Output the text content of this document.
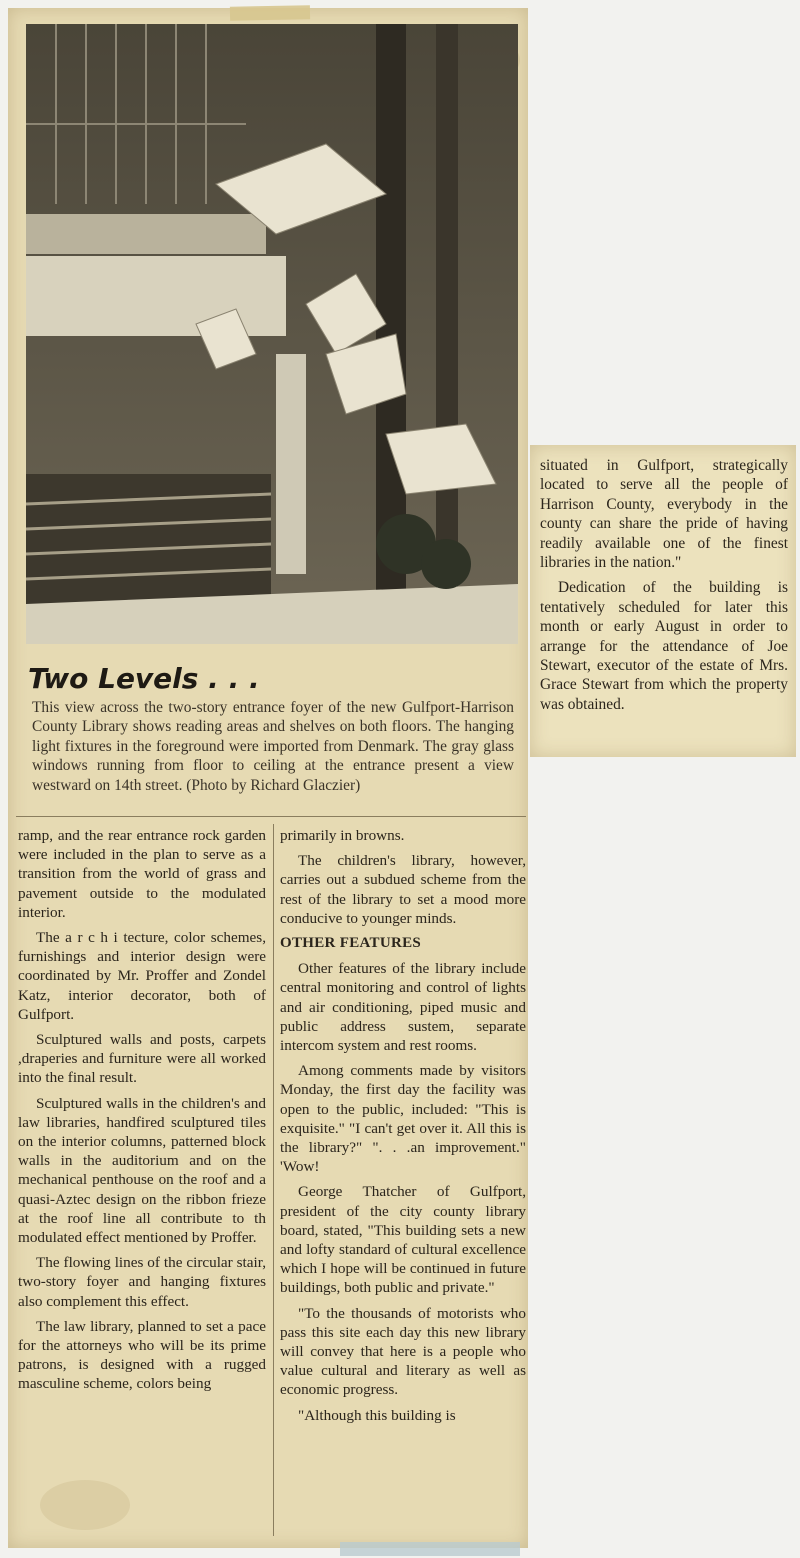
Two Levels . . .
This view across the two-story entrance foyer of the new Gulfport-Harrison County Library shows reading areas and shelves on both floors. The hanging light fixtures in the foreground were imported from Denmark. The gray glass windows running from floor to ceiling at the entrance present a view westward on 14th street. (Photo by Richard Glaczier)

ramp, and the rear entrance rock garden were included in the plan to serve as a transition from the world of grass and pavement outside to the modulated interior.

The a r c h i tecture, color schemes, furnishings and interior design were coordinated by Mr. Proffer and Zondel Katz, interior decorator, both of Gulfport.

Sculptured walls and posts, carpets ,draperies and furniture were all worked into the final result.

Sculptured walls in the children's and law libraries, handfired sculptured tiles on the interior columns, patterned block walls in the auditorium and on the mechanical penthouse on the roof and a quasi-Aztec design on the ribbon frieze at the roof line all contribute to th modulated effect mentioned by Proffer.

The flowing lines of the circular stair, two-story foyer and hanging fixtures also complement this effect.

The law library, planned to set a pace for the attorneys who will be its prime patrons, is designed with a rugged masculine scheme, colors being

primarily in browns.

The children's library, however, carries out a subdued scheme from the rest of the library to set a mood more conducive to younger minds.

OTHER FEATURES

Other features of the library include central monitoring and control of lights and air conditioning, piped music and public address sustem, separate intercom system and rest rooms.

Among comments made by visitors Monday, the first day the facility was open to the public, included: "This is exquisite." "I can't get over it. All this is the library?" ". . .an improvement." 'Wow!

George Thatcher of Gulfport, president of the city county library board, stated, "This building sets a new and lofty standard of cultural excellence which I hope will be continued in future buildings, both public and private."

"To the thousands of motorists who pass this site each day this new library will convey that here is a people who value cultural and literary as well as economic progress.

"Although this building is

situated in Gulfport, strategically located to serve all the people of Harrison County, everybody in the county can share the pride of having readily available one of the finest libraries in the nation."

Dedication of the building is tentatively scheduled for later this month or early August in order to arrange for the attendance of Joe Stewart, executor of the estate of Mrs. Grace Stewart from which the property was obtained.
